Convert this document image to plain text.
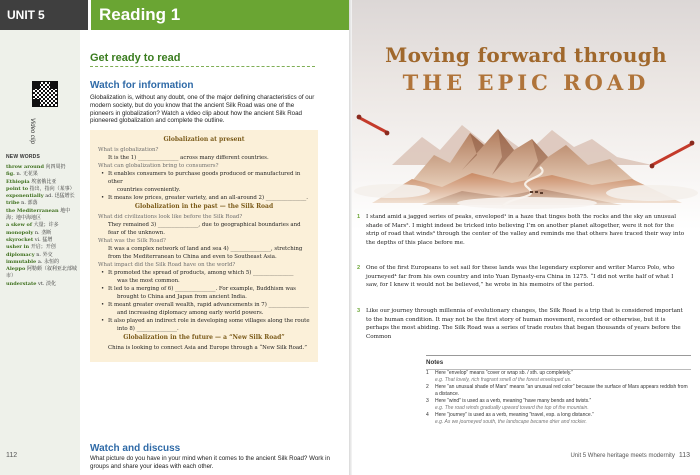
UNIT 5	Reading 1
Video clip
NEW WORDS
throw around 向四周扔
fig. n. 无花果
Ethiopia 埃塞俄比亚
point to 指出，指向（某事）
exponentially ad. 迅猛增长
tribe n. 部落
the Mediterranean 地中海；地中海地区
a skew of 大量；许多
monopoly n. 垄断
skyrocket vi. 猛增
usher in 开启；开创
diplomacy n. 外交
immutable a. 永恒的
Aleppo 阿勒颇（叙利亚北部城市）
understate vt. 淡化
Get ready to read
Watch for information
Globalization is, without any doubt, one of the major defining characteristics of our modern society, but do you know that the ancient Silk Road was one of the pioneers in globalization? Watch a video clip about how the ancient Silk Road pioneered globalization and complete the outline.
Globalization at present
What is globalization?
It is the 1) _______________ across many different countries.
What can globalization bring to consumers?
• It enables consumers to purchase goods produced or manufactured in other
countries conveniently.
• It means low prices, greater variety, and an all-around 2) _______________.
Globalization in the past — the Silk Road
What did civilizations look like before the Silk Road?
They remained 3) _______________, due to geographical boundaries and
fear of the unknown.
What was the Silk Road?
It was a complex network of land and sea 4) _______________, stretching
from the Mediterranean to China and even to Southeast Asia.
What impact did the Silk Road have on the world?
• It promoted the spread of products, among which 5) _______________
was the most common.
• It led to a merging of 6) _______________. For example, Buddhism was
brought to China and Japan from ancient India.
• It meant greater overall wealth, rapid advancements in 7) _______________
and increasing diplomacy among early world powers.
• It also played an indirect role in developing some villages along the route
into 8) _______________.
Globalization in the future — a “New Silk Road”
China is looking to connect Asia and Europe through a “New Silk Road.”
Watch and discuss
What picture do you have in your mind when it comes to the ancient Silk Road? Work in groups and share your ideas with each other.
112
Moving forward through
THE EPIC ROAD
1 I stand amid a jagged series of peaks, enveloped¹ in a haze that tinges both the rocks and the sky an unusual shade of Mars². I might indeed be tricked into believing I’m on another planet altogether, were it not for the strip of road that winds³ through the center of the valley and reminds me that others have traced their way into the depths of this place before me.
2 One of the first Europeans to set sail for these lands was the legendary explorer and writer Marco Polo, who journeyed⁴ far from his own country and into Yuan Dynasty-era China in 1275. “I did not write half of what I saw, for I knew it would not be believed,” he wrote in his memoirs of the period.
3 Like our journey through millennia of evolutionary changes, the Silk Road is a trip that is considered important to the human condition. It may not be the first story of human movement, recorded or otherwise, but it is perhaps the most abiding. The Silk Road was a series of trade routes that began thousands of years before the Common
Notes
1 Here “envelop” means “cover or wrap sb. / sth. up completely.”
e.g. That lovely, rich fragrant smell of the forest enveloped us.
2 Here “an unusual shade of Mars” means “an unusual red color” because the surface of Mars appears reddish from a distance.
3 Here “wind” is used as a verb, meaning “have many bends and twists.”
e.g. The road winds gradually upward toward the top of the mountain.
4 Here “journey” is used as a verb, meaning “travel, esp. a long distance.”
e.g. As we journeyed south, the landscape became drier and rockier.
Unit 5 Where heritage meets modernity 113
